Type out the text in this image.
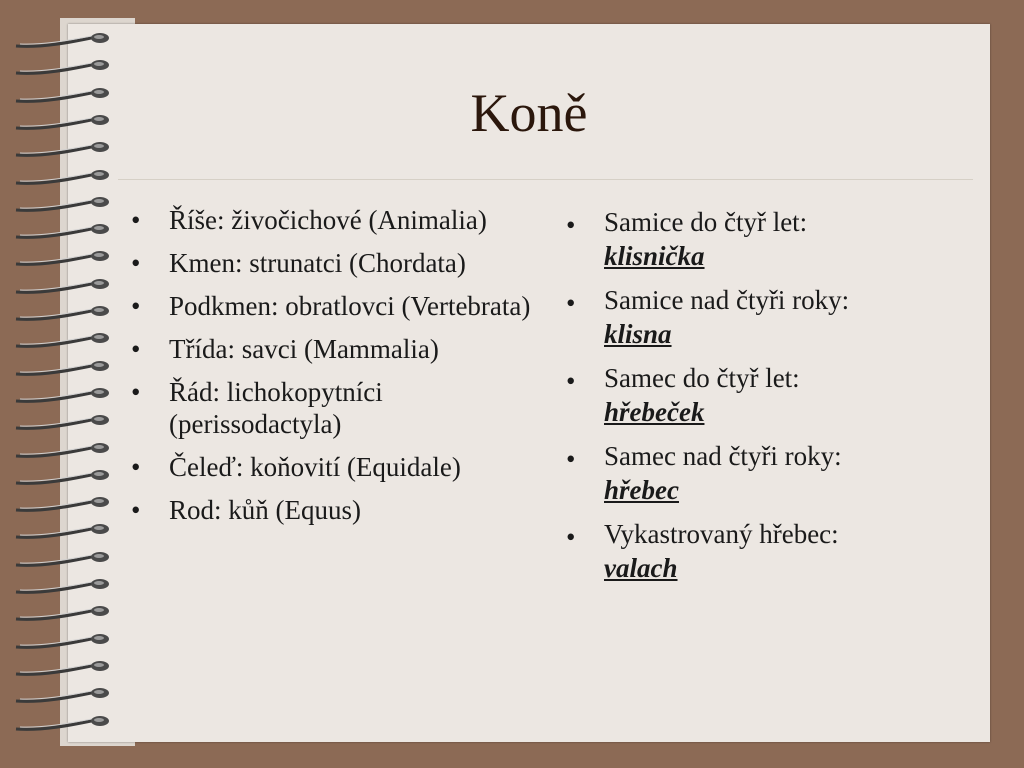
Koně
• Říše: živočichové (Animalia)
• Kmen: strunatci (Chordata)
• Podkmen: obratlovci (Vertebrata)
• Třída: savci (Mammalia)
• Řád: lichokopytníci (perissodactyla)
• Čeleď: koňovití (Equidale)
• Rod: kůň (Equus)
• Samice do čtyř let:
klisnička
• Samice nad čtyři roky:
klisna
• Samec do čtyř let:
hřebeček
• Samec nad čtyři roky:
hřebec
• Vykastrovaný hřebec:
valach
